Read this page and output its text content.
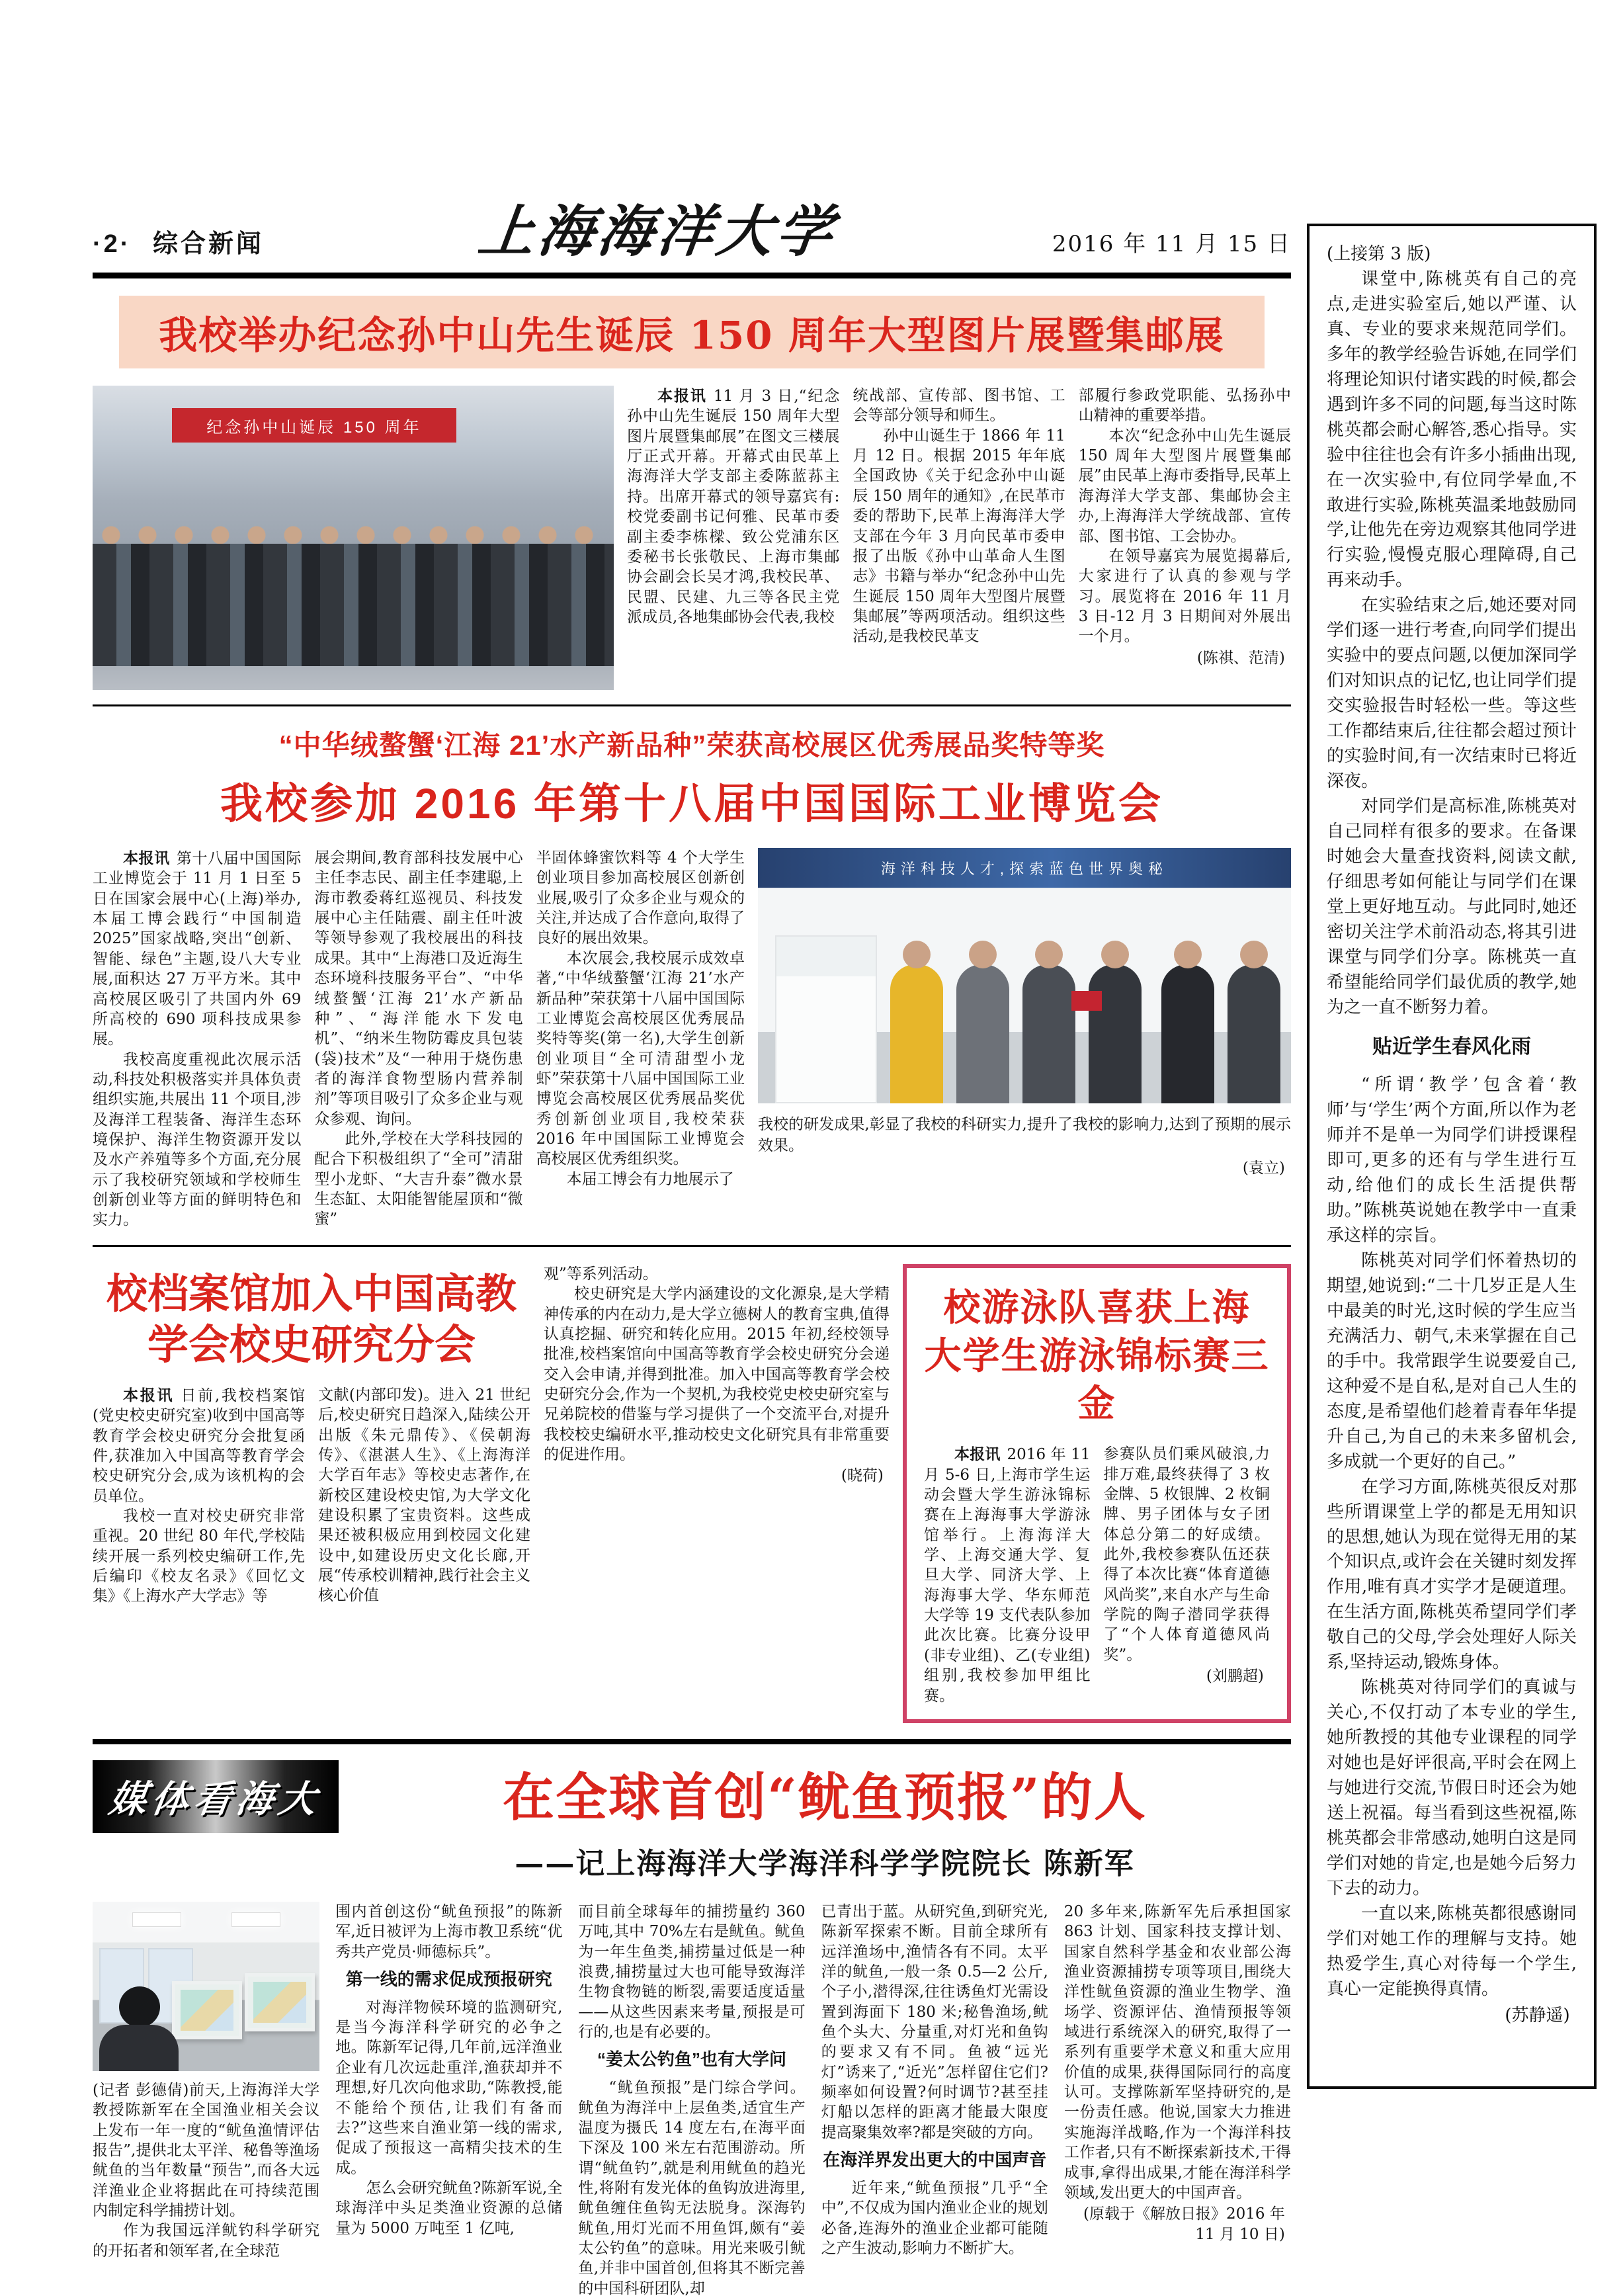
·2· 综合新闻	上海海洋大学	2016 年 11 月 15 日
我校举办纪念孙中山先生诞辰 150 周年大型图片展暨集邮展
纪念孙中山诞辰 150 周年

本报讯 11 月 3 日,“纪念孙中山先生诞辰 150 周年大型图片展暨集邮展”在图文三楼展厅正式开幕。开幕式由民革上海海洋大学支部主委陈蓝荪主持。出席开幕式的领导嘉宾有:校党委副书记何雅、民革市委副主委李栋樑、致公党浦东区委秘书长张敬民、上海市集邮协会副会长吴才鸿,我校民革、民盟、民建、九三等各民主党派成员,各地集邮协会代表,我校

统战部、宣传部、图书馆、工会等部分领导和师生。

孙中山诞生于 1866 年 11 月 12 日。根据 2015 年年底全国政协《关于纪念孙中山诞辰 150 周年的通知》,在民革市委的帮助下,民革上海海洋大学支部在今年 3 月向民革市委申报了出版《孙中山革命人生图志》书籍与举办“纪念孙中山先生诞辰 150 周年大型图片展暨集邮展”等两项活动。组织这些活动,是我校民革支

部履行参政党职能、弘扬孙中山精神的重要举措。

本次“纪念孙中山先生诞辰 150 周年大型图片展暨集邮展”由民革上海市委指导,民革上海海洋大学支部、集邮协会主办,上海海洋大学统战部、宣传部、图书馆、工会协办。

在领导嘉宾为展览揭幕后,大家进行了认真的参观与学习。展览将在 2016 年 11 月 3 日-12 月 3 日期间对外展出一个月。

(陈祺、范清)
“中华绒螯蟹‘江海 21’水产新品种”荣获高校展区优秀展品奖特等奖
我校参加 2016 年第十八届中国国际工业博览会

本报讯 第十八届中国国际工业博览会于 11 月 1 日至 5 日在国家会展中心(上海)举办,本届工博会践行“中国制造 2025”国家战略,突出“创新、智能、绿色”主题,设八大专业展,面积达 27 万平方米。其中高校展区吸引了共国内外 69 所高校的 690 项科技成果参展。

我校高度重视此次展示活动,科技处积极落实并具体负责组织实施,共展出 11 个项目,涉及海洋工程装备、海洋生态环境保护、海洋生物资源开发以及水产养殖等多个方面,充分展示了我校研究领域和学校师生创新创业等方面的鲜明特色和实力。

展会期间,教育部科技发展中心主任李志民、副主任李建聪,上海市教委蒋红巡视员、科技发展中心主任陆震、副主任叶波等领导参观了我校展出的科技成果。其中“上海港口及近海生态环境科技服务平台”、“中华绒螯蟹‘江海 21’水产新品种”、“海洋能水下发电机”、“纳米生物防霉皮具包装(袋)技术”及“一种用于烧伤患者的海洋食物型肠内营养制剂”等项目吸引了众多企业与观众参观、询问。

此外,学校在大学科技园的配合下积极组织了“全可”清甜型小龙虾、“大吉升泰”微水景生态缸、太阳能智能屋顶和“微蜜”

半固体蜂蜜饮料等 4 个大学生创业项目参加高校展区创新创业展,吸引了众多企业与观众的关注,并达成了合作意向,取得了良好的展出效果。

本次展会,我校展示成效卓著,“中华绒螯蟹‘江海 21’水产新品种”荣获第十八届中国国际工业博览会高校展区优秀展品奖特等奖(第一名),大学生创新创业项目“全可清甜型小龙虾”荣获第十八届中国国际工业博览会高校展区优秀展品奖优秀创新创业项目,我校荣获 2016 年中国国际工业博览会高校展区优秀组织奖。

本届工博会有力地展示了

海洋科技人才,探索蓝色世界奥秘
我校的研发成果,彰显了我校的科研实力,提升了我校的影响力,达到了预期的展示效果。
(袁立)
校档案馆加入中国高教
学会校史研究分会

本报讯 日前,我校档案馆(党史校史研究室)收到中国高等教育学会校史研究分会批复函件,获准加入中国高等教育学会校史研究分会,成为该机构的会员单位。

我校一直对校史研究非常重视。20 世纪 80 年代,学校陆续开展一系列校史编研工作,先后编印《校友名录》《回忆文集》《上海水产大学志》等

文献(内部印发)。进入 21 世纪后,校史研究日趋深入,陆续公开出版《朱元鼎传》、《侯朝海传》、《湛湛人生》、《上海海洋大学百年志》等校史志著作,在新校区建设校史馆,为大学文化建设积累了宝贵资料。这些成果还被积极应用到校园文化建设中,如建设历史文化长廊,开展“传承校训精神,践行社会主义核心价值

观”等系列活动。

校史研究是大学内涵建设的文化源泉,是大学精神传承的内在动力,是大学立德树人的教育宝典,值得认真挖掘、研究和转化应用。2015 年初,经校领导批准,校档案馆向中国高等教育学会校史研究分会递交入会申请,并得到批准。加入中国高等教育学会校史研究分会,作为一个契机,为我校党史校史研究室与兄弟院校的借鉴与学习提供了一个交流平台,对提升我校校史编研水平,推动校史文化研究具有非常重要的促进作用。

(晓荷)
校游泳队喜获上海
大学生游泳锦标赛三金

本报讯 2016 年 11 月 5-6 日,上海市学生运动会暨大学生游泳锦标赛在上海海事大学游泳馆举行。上海海洋大学、上海交通大学、复旦大学、同济大学、上海海事大学、华东师范大学等 19 支代表队参加此次比赛。比赛分设甲(非专业组)、乙(专业组)组别,我校参加甲组比赛。

参赛队员们乘风破浪,力排万难,最终获得了 3 枚金牌、5 枚银牌、2 枚铜牌、男子团体与女子团体总分第二的好成绩。此外,我校参赛队伍还获得了本次比赛“体育道德风尚奖”,来自水产与生命学院的陶子潜同学获得了“个人体育道德风尚奖”。

(刘鹏超)
媒体看海大	在全球首创“鱿鱼预报”的人
——记上海海洋大学海洋科学学院院长 陈新军

(记者 彭德倩)前天,上海海洋大学教授陈新军在全国渔业相关会议上发布一年一度的“鱿鱼渔情评估报告”,提供北太平洋、秘鲁等渔场鱿鱼的当年数量“预告”,而各大远洋渔业企业将据此在可持续范围内制定科学捕捞计划。

作为我国远洋鱿钓科学研究的开拓者和领军者,在全球范

围内首创这份“鱿鱼预报”的陈新军,近日被评为上海市教卫系统“优秀共产党员·师德标兵”。

第一线的需求促成预报研究

对海洋物候环境的监测研究,是当今海洋科学研究的必争之地。陈新军记得,几年前,远洋渔业企业有几次远赴重洋,渔获却并不理想,好几次向他求助,“陈教授,能不能给个预估,让我们有备而去?”这些来自渔业第一线的需求,促成了预报这一高精尖技术的生成。

怎么会研究鱿鱼?陈新军说,全球海洋中头足类渔业资源的总储量为 5000 万吨至 1 亿吨,

而目前全球每年的捕捞量约 360 万吨,其中 70%左右是鱿鱼。鱿鱼为一年生鱼类,捕捞量过低是一种浪费,捕捞量过大也可能导致海洋生物食物链的断裂,需要适度适量——从这些因素来考量,预报是可行的,也是有必要的。

“姜太公钓鱼”也有大学问

“鱿鱼预报”是门综合学问。鱿鱼为海洋中上层鱼类,适宜生产温度为摄氏 14 度左右,在海平面下深及 100 米左右范围游动。所谓“鱿鱼钓”,就是利用鱿鱼的趋光性,将附有发光体的鱼钩放进海里,鱿鱼缠住鱼钩无法脱身。深海钓鱿鱼,用灯光而不用鱼饵,颇有“姜太公钓鱼”的意味。用光来吸引鱿鱼,并非中国首创,但将其不断完善的中国科研团队,却

已青出于蓝。从研究鱼,到研究光,陈新军探索不断。目前全球所有远洋渔场中,渔情各有不同。太平洋的鱿鱼,一般一条 0.5—2 公斤,个子小,潜得深,往往诱鱼灯光需设置到海面下 180 米;秘鲁渔场,鱿鱼个头大、分量重,对灯光和鱼钩的要求又有不同。鱼被“远光灯”诱来了,“近光”怎样留住它们?频率如何设置?何时调节?甚至挂灯船以怎样的距离才能最大限度提高聚集效率?都是突破的方向。

在海洋界发出更大的中国声音

近年来,“鱿鱼预报”几乎“全中”,不仅成为国内渔业企业的规划必备,连海外的渔业企业都可能随之产生波动,影响力不断扩大。

20 多年来,陈新军先后承担国家 863 计划、国家科技支撑计划、国家自然科学基金和农业部公海渔业资源捕捞专项等项目,围绕大洋性鱿鱼资源的渔业生物学、渔场学、资源评估、渔情预报等领域进行系统深入的研究,取得了一系列有重要学术意义和重大应用价值的成果,获得国际同行的高度认可。支撑陈新军坚持研究的,是一份责任感。他说,国家大力推进实施海洋战略,作为一个海洋科技工作者,只有不断探索新技术,干得成事,拿得出成果,才能在海洋科学领域,发出更大的中国声音。

(原载于《解放日报》2016 年 11 月 10 日)

(上接第 3 版)

课堂中,陈桃英有自己的亮点,走进实验室后,她以严谨、认真、专业的要求来规范同学们。多年的教学经验告诉她,在同学们将理论知识付诸实践的时候,都会遇到许多不同的问题,每当这时陈桃英都会耐心解答,悉心指导。实验中往往也会有许多小插曲出现,在一次实验中,有位同学晕血,不敢进行实验,陈桃英温柔地鼓励同学,让他先在旁边观察其他同学进行实验,慢慢克服心理障碍,自己再来动手。

在实验结束之后,她还要对同学们逐一进行考查,向同学们提出实验中的要点问题,以便加深同学们对知识点的记忆,也让同学们提交实验报告时轻松一些。等这些工作都结束后,往往都会超过预计的实验时间,有一次结束时已将近深夜。

对同学们是高标准,陈桃英对自己同样有很多的要求。在备课时她会大量查找资料,阅读文献,仔细思考如何能让与同学们在课堂上更好地互动。与此同时,她还密切关注学术前沿动态,将其引进课堂与同学们分享。陈桃英一直希望能给同学们最优质的教学,她为之一直不断努力着。

贴近学生春风化雨

“所谓‘教学’包含着‘教师’与‘学生’两个方面,所以作为老师并不是单一为同学们讲授课程即可,更多的还有与学生进行互动,给他们的成长生活提供帮助。”陈桃英说她在教学中一直秉承这样的宗旨。

陈桃英对同学们怀着热切的期望,她说到:“二十几岁正是人生中最美的时光,这时候的学生应当充满活力、朝气,未来掌握在自己的手中。我常跟学生说要爱自己,这种爱不是自私,是对自己人生的态度,是希望他们趁着青春年华提升自己,为自己的未来多留机会,多成就一个更好的自己。”

在学习方面,陈桃英很反对那些所谓课堂上学的都是无用知识的思想,她认为现在觉得无用的某个知识点,或许会在关键时刻发挥作用,唯有真才实学才是硬道理。在生活方面,陈桃英希望同学们孝敬自己的父母,学会处理好人际关系,坚持运动,锻炼身体。

陈桃英对待同学们的真诚与关心,不仅打动了本专业的学生,她所教授的其他专业课程的同学对她也是好评很高,平时会在网上与她进行交流,节假日时还会为她送上祝福。每当看到这些祝福,陈桃英都会非常感动,她明白这是同学们对她的肯定,也是她今后努力下去的动力。

一直以来,陈桃英都很感谢同学们对她工作的理解与支持。她热爱学生,真心对待每一个学生,真心一定能换得真情。

(苏静遥)
